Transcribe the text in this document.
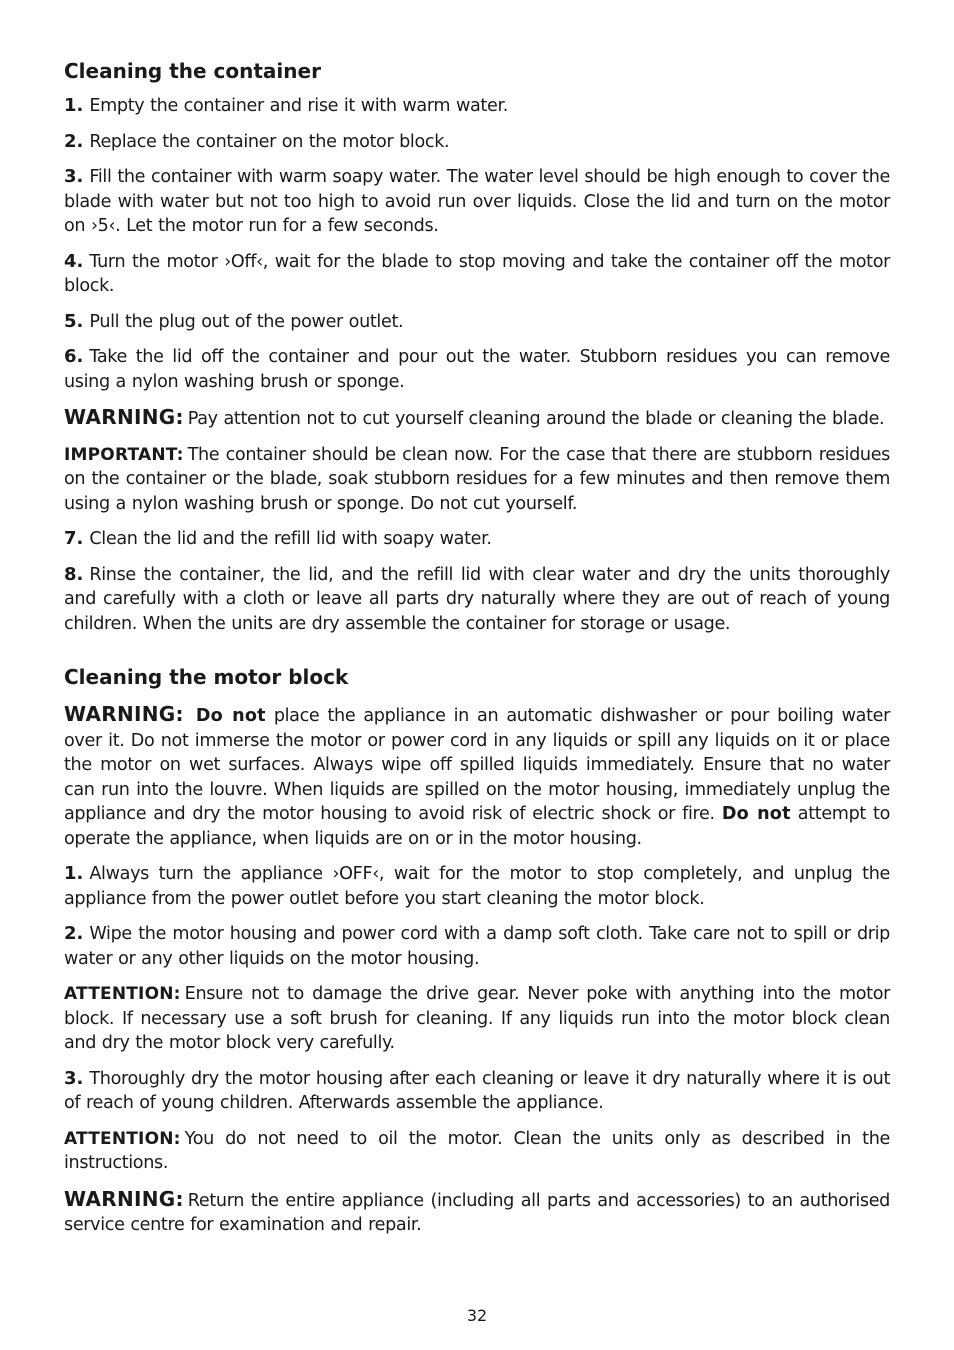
Cleaning the container

1. Empty the container and rise it with warm water.

2. Replace the container on the motor block.

3. Fill the container with warm soapy water. The water level should be high enough to cover the blade with water but not too high to avoid run over liquids. Close the lid and turn on the motor on ›5‹. Let the motor run for a few seconds.

4. Turn the motor ›Off‹, wait for the blade to stop moving and take the container off the motor block.

5. Pull the plug out of the power outlet.

6. Take the lid off the container and pour out the water. Stubborn residues you can remove using a nylon washing brush or sponge.

WARNING: Pay attention not to cut yourself cleaning around the blade or cleaning the blade.

IMPORTANT: The container should be clean now. For the case that there are stubborn residues on the container or the blade, soak stubborn residues for a few minutes and then remove them using a nylon washing brush or sponge. Do not cut yourself.

7. Clean the lid and the refill lid with soapy water.

8. Rinse the container, the lid, and the refill lid with clear water and dry the units thoroughly and carefully with a cloth or leave all parts dry naturally where they are out of reach of young children. When the units are dry assemble the container for storage or usage.

Cleaning the motor block

WARNING: Do not place the appliance in an automatic dishwasher or pour boiling water over it. Do not immerse the motor or power cord in any liquids or spill any liquids on it or place the motor on wet surfaces. Always wipe off spilled liquids immediately. Ensure that no water can run into the louvre. When liquids are spilled on the motor housing, immediately unplug the appliance and dry the motor housing to avoid risk of electric shock or fire. Do not attempt to operate the appliance, when liquids are on or in the motor housing.

1. Always turn the appliance ›OFF‹, wait for the motor to stop completely, and unplug the appliance from the power outlet before you start cleaning the motor block.

2. Wipe the motor housing and power cord with a damp soft cloth. Take care not to spill or drip water or any other liquids on the motor housing.

ATTENTION: Ensure not to damage the drive gear. Never poke with anything into the motor block. If necessary use a soft brush for cleaning. If any liquids run into the motor block clean and dry the motor block very carefully.

3. Thoroughly dry the motor housing after each cleaning or leave it dry naturally where it is out of reach of young children. Afterwards assemble the appliance.

ATTENTION: You do not need to oil the motor. Clean the units only as described in the instructions.

WARNING: Return the entire appliance (including all parts and accessories) to an authorised service centre for examination and repair.

32
